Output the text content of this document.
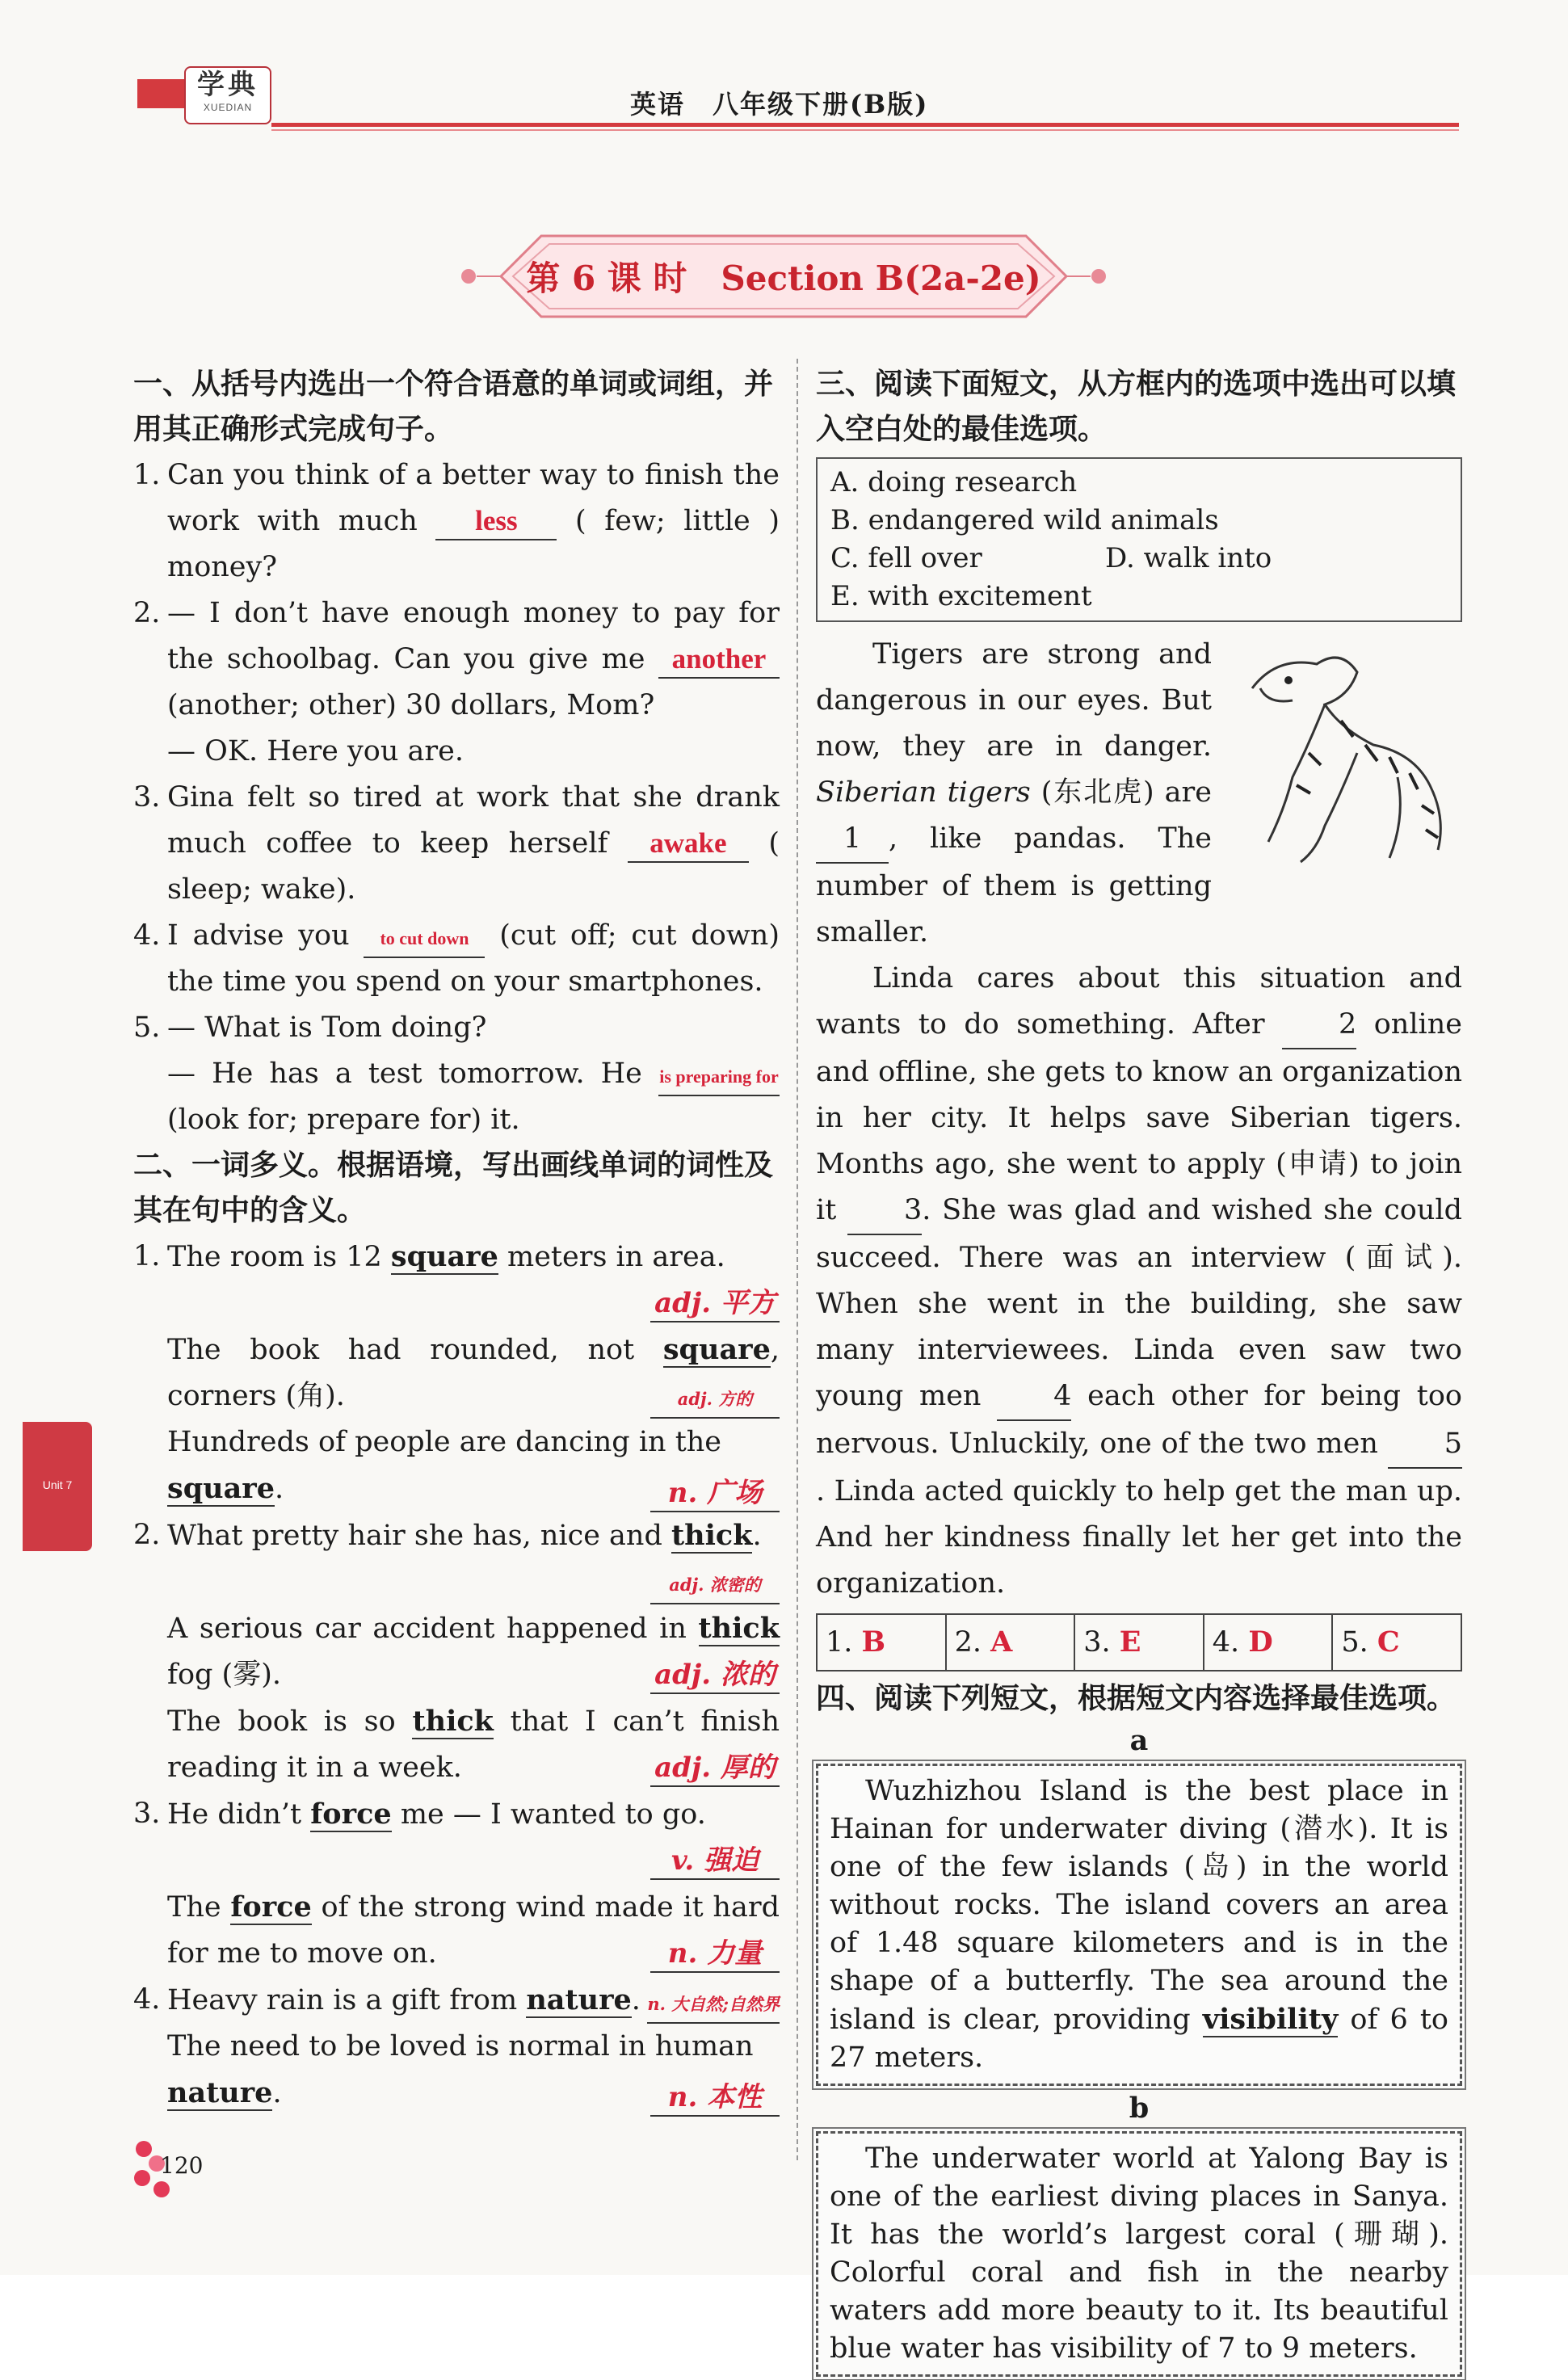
学典
XUEDIAN	英语　八年级下册(B版)
第 6 课 时　Section B(2a-2e)
一、从括号内选出一个符合语意的单词或词组，并用其正确形式完成句子。
1. Can you think of a better way to finish the work with much less ( few; little ) money?
2. — I don’t have enough money to pay for the schoolbag. Can you give me another (another; other) 30 dollars, Mom?
— OK. Here you are.
3. Gina felt so tired at work that she drank much coffee to keep herself awake ( sleep; wake).
4. I advise you to cut down (cut off; cut down) the time you spend on your smartphones.
5. — What is Tom doing?
— He has a test tomorrow. He is preparing for (look for; prepare for) it.
二、一词多义。根据语境，写出画线单词的词性及其在句中的含义。
1. The room is 12 square meters in area.
adj. 平方
The book had rounded, not square, corners (角).	adj. 方的
Hundreds of people are dancing in the
square.	n. 广场
2. What pretty hair she has, nice and thick.
adj. 浓密的
A serious car accident happened in thick fog (雾).	adj. 浓的
The book is so thick that I can’t finish reading it in a week.	adj. 厚的
3. He didn’t force me — I wanted to go.
v. 强迫
The force of the strong wind made it hard for me to move on.	n. 力量
4. Heavy rain is a gift from nature. n. 大自然;自然界
The need to be loved is normal in human
nature.	n. 本性
三、阅读下面短文，从方框内的选项中选出可以填入空白处的最佳选项。
A. doing research
B. endangered wild animals
C. fell over	D. walk into
E. with excitement
Tigers are strong and dangerous in our eyes. But now, they are in danger. Siberian tigers (东北虎) are 1 , like pandas. The number of them is getting smaller.
Linda cares about this situation and wants to do something. After	2 online and offline, she gets to know an organization in her city. It helps save Siberian tigers. Months ago, she went to apply (申请) to join it 3. She was glad and wished she could succeed. There was an interview (面试). When she went in the building, she saw many interviewees. Linda even saw two young men	4 each other for being too nervous. Unluckily, one of the two men 5. Linda acted quickly to help get the man up. And her kindness finally let her get into the organization.
1. B	2. A	3. E	4. D	5. C
四、阅读下列短文，根据短文内容选择最佳选项。
a
Wuzhizhou Island is the best place in Hainan for underwater diving (潜水). It is one of the few islands (岛) in the world without rocks. The island covers an area of 1.48 square kilometers and is in the shape of a butterfly. The sea around the island is clear, providing visibility of 6 to 27 meters.
b
The underwater world at Yalong Bay is one of the earliest diving places in Sanya. It has the world’s largest coral (珊瑚). Colorful coral and fish in the nearby waters add more beauty to it. Its beautiful blue water has visibility of 7 to 9 meters.
Unit 7
120
